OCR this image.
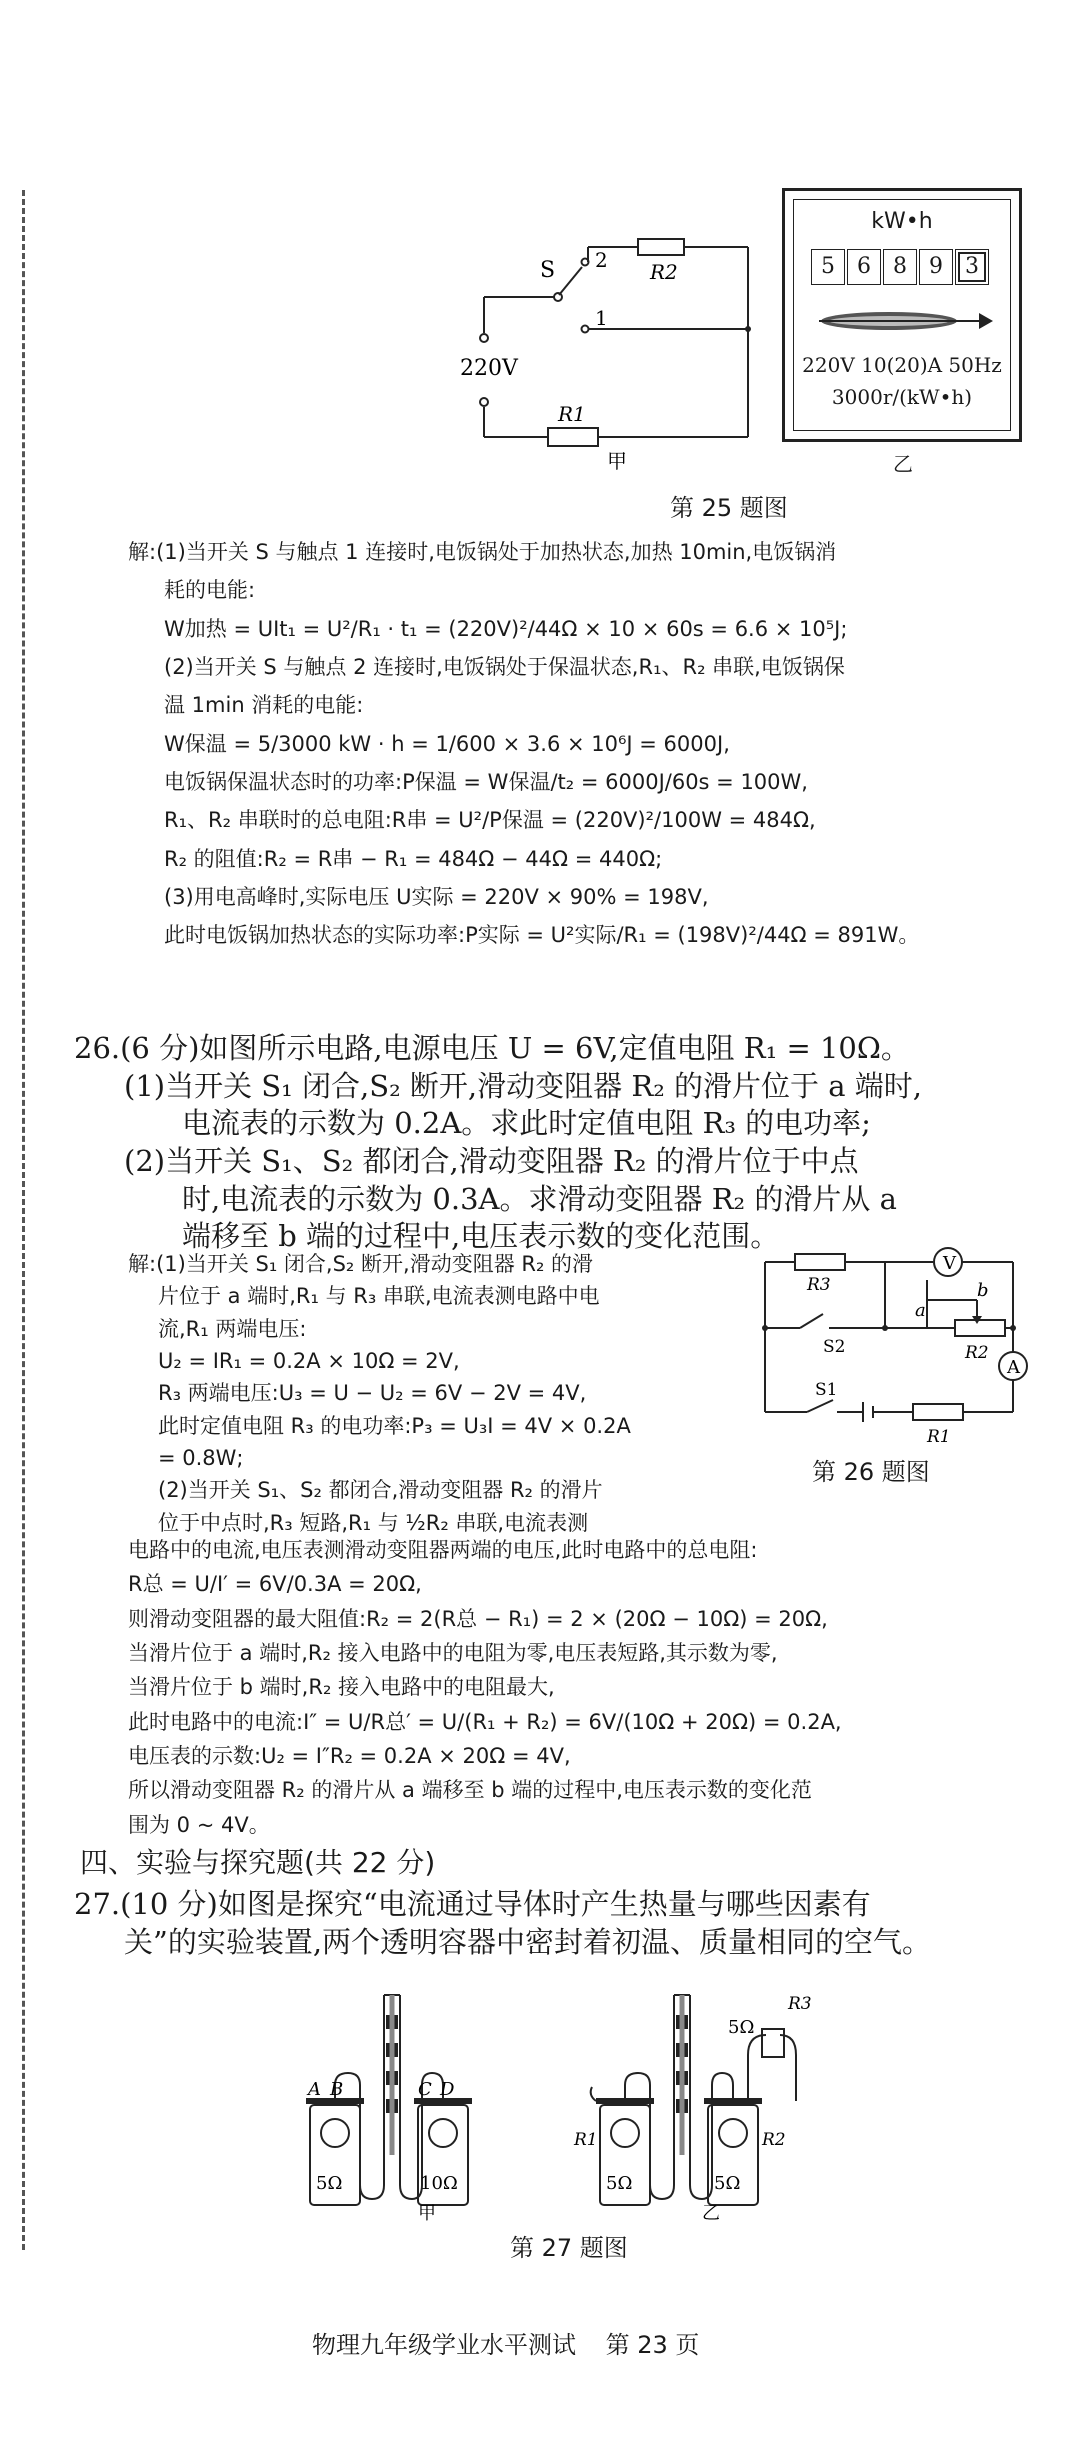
S 2
1
R2
R1
220V
甲
kW•h
5	6	8	9	3
220V 10(20)A 50Hz
3000r/(kW•h)
乙
第 25 题图
解:(1)当开关 S 与触点 1 连接时,电饭锅处于加热状态,加热 10min,电饭锅消
耗的电能:
W加热 = UIt₁ = U²/R₁ · t₁ = (220V)²/44Ω × 10 × 60s = 6.6 × 10⁵J;
(2)当开关 S 与触点 2 连接时,电饭锅处于保温状态,R₁、R₂ 串联,电饭锅保
温 1min 消耗的电能:
W保温 = 5/3000 kW · h = 1/600 × 3.6 × 10⁶J = 6000J,
电饭锅保温状态时的功率:P保温 = W保温/t₂ = 6000J/60s = 100W,
R₁、R₂ 串联时的总电阻:R串 = U²/P保温 = (220V)²/100W = 484Ω,
R₂ 的阻值:R₂ = R串 − R₁ = 484Ω − 44Ω = 440Ω;
(3)用电高峰时,实际电压 U实际 = 220V × 90% = 198V,
此时电饭锅加热状态的实际功率:P实际 = U²实际/R₁ = (198V)²/44Ω = 891W。
26.(6 分)如图所示电路,电源电压 U = 6V,定值电阻 R₁ = 10Ω。
(1)当开关 S₁ 闭合,S₂ 断开,滑动变阻器 R₂ 的滑片位于 a 端时,
电流表的示数为 0.2A。求此时定值电阻 R₃ 的电功率;
(2)当开关 S₁、S₂ 都闭合,滑动变阻器 R₂ 的滑片位于中点
时,电流表的示数为 0.3A。求滑动变阻器 R₂ 的滑片从 a
端移至 b 端的过程中,电压表示数的变化范围。
解:(1)当开关 S₁ 闭合,S₂ 断开,滑动变阻器 R₂ 的滑
片位于 a 端时,R₁ 与 R₃ 串联,电流表测电路中电
流,R₁ 两端电压:
U₂ = IR₁ = 0.2A × 10Ω = 2V,
R₃ 两端电压:U₃ = U − U₂ = 6V − 2V = 4V,
此时定值电阻 R₃ 的电功率:P₃ = U₃I = 4V × 0.2A
= 0.8W;
(2)当开关 S₁、S₂ 都闭合,滑动变阻器 R₂ 的滑片
位于中点时,R₃ 短路,R₁ 与 ½R₂ 串联,电流表测
V
A
R3
a
b
R2
S2
S1
R1
第 26 题图
电路中的电流,电压表测滑动变阻器两端的电压,此时电路中的总电阻:
R总 = U/I′ = 6V/0.3A = 20Ω,
则滑动变阻器的最大阻值:R₂ = 2(R总 − R₁) = 2 × (20Ω − 10Ω) = 20Ω,
当滑片位于 a 端时,R₂ 接入电路中的电阻为零,电压表短路,其示数为零,
当滑片位于 b 端时,R₂ 接入电路中的电阻最大,
此时电路中的电流:I″ = U/R总′ = U/(R₁ + R₂) = 6V/(10Ω + 20Ω) = 0.2A,
电压表的示数:U₂ = I″R₂ = 0.2A × 20Ω = 4V,
所以滑动变阻器 R₂ 的滑片从 a 端移至 b 端的过程中,电压表示数的变化范
围为 0 ~ 4V。
四、实验与探究题(共 22 分)
27.(10 分)如图是探究“电流通过导体时产生热量与哪些因素有
关”的实验装置,两个透明容器中密封着初温、质量相同的空气。
A B	C D
5Ω	10Ω
甲
R1	R2
R3
5Ω
5Ω	5Ω
乙
第 27 题图
物理九年级学业水平测试 第 23 页
